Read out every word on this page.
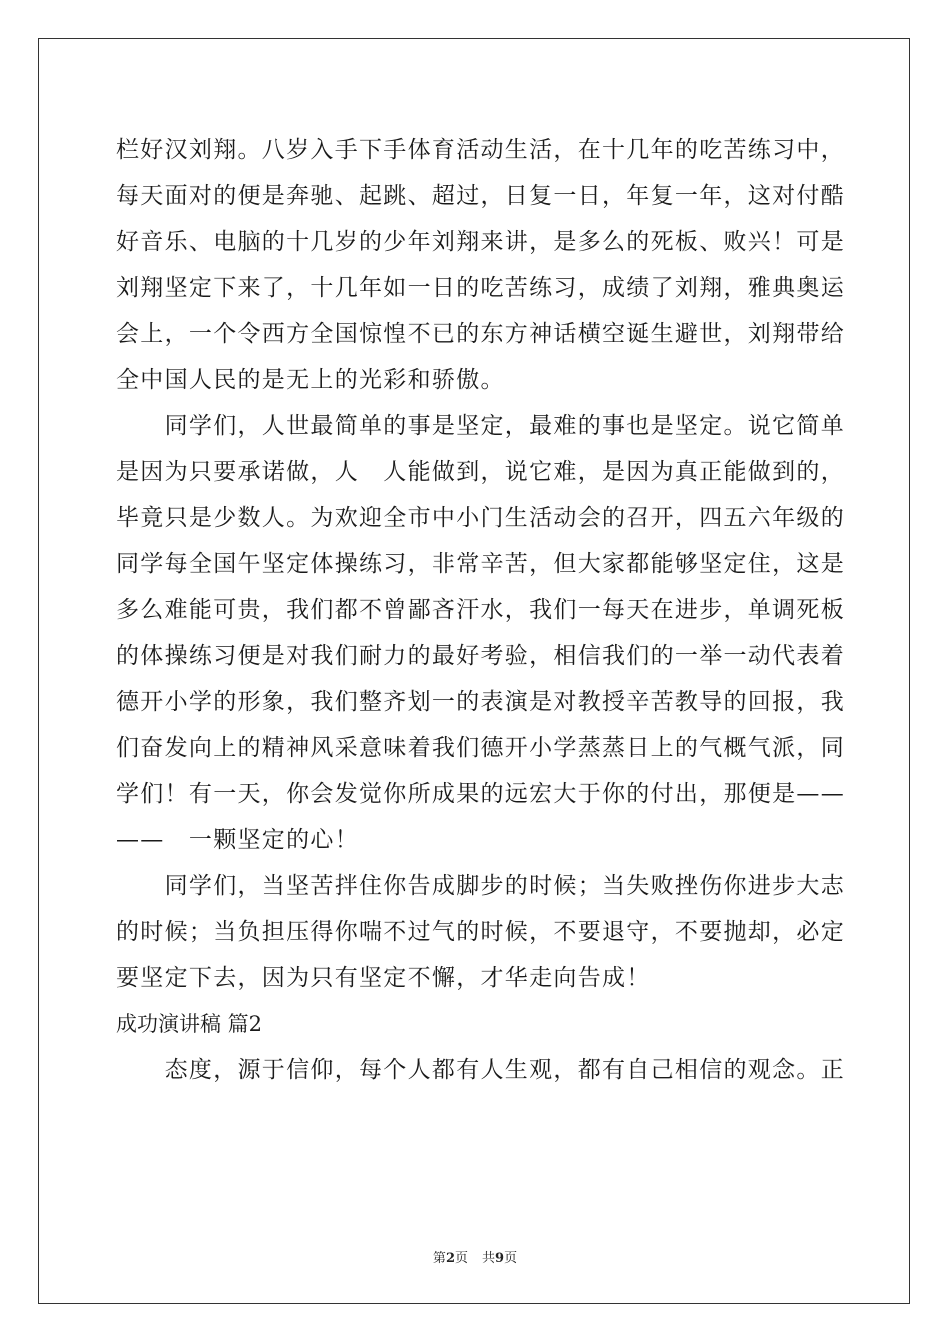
栏好汉刘翔。八岁入手下手体育活动生活，在十几年的吃苦练习中，
每天面对的便是奔驰、起跳、超过，日复一日，年复一年，这对付酷
好音乐、电脑的十几岁的少年刘翔来讲，是多么的死板、败兴！可是
刘翔坚定下来了，十几年如一日的吃苦练习，成绩了刘翔，雅典奥运
会上，一个令西方全国惊惶不已的东方神话横空诞生避世，刘翔带给
全中国人民的是无上的光彩和骄傲。
　　同学们，人世最简单的事是坚定，最难的事也是坚定。说它简单
是因为只要承诺做，人　人能做到，说它难，是因为真正能做到的，
毕竟只是少数人。为欢迎全市中小门生活动会的召开，四五六年级的
同学每全国午坚定体操练习，非常辛苦，但大家都能够坚定住，这是
多么难能可贵，我们都不曾鄙吝汗水，我们一每天在进步，单调死板
的体操练习便是对我们耐力的最好考验，相信我们的一举一动代表着
德开小学的形象，我们整齐划一的表演是对教授辛苦教导的回报，我
们奋发向上的精神风采意味着我们德开小学蒸蒸日上的气概气派，同
学们！有一天，你会发觉你所成果的远宏大于你的付出，那便是——
——　一颗坚定的心！
　　同学们，当坚苦拌住你告成脚步的时候；当失败挫伤你进步大志
的时候；当负担压得你喘不过气的时候，不要退守，不要抛却，必定
要坚定下去，因为只有坚定不懈，才华走向告成！
成功演讲稿 篇2
　　态度，源于信仰，每个人都有人生观，都有自己相信的观念。正
第2页 共9页
